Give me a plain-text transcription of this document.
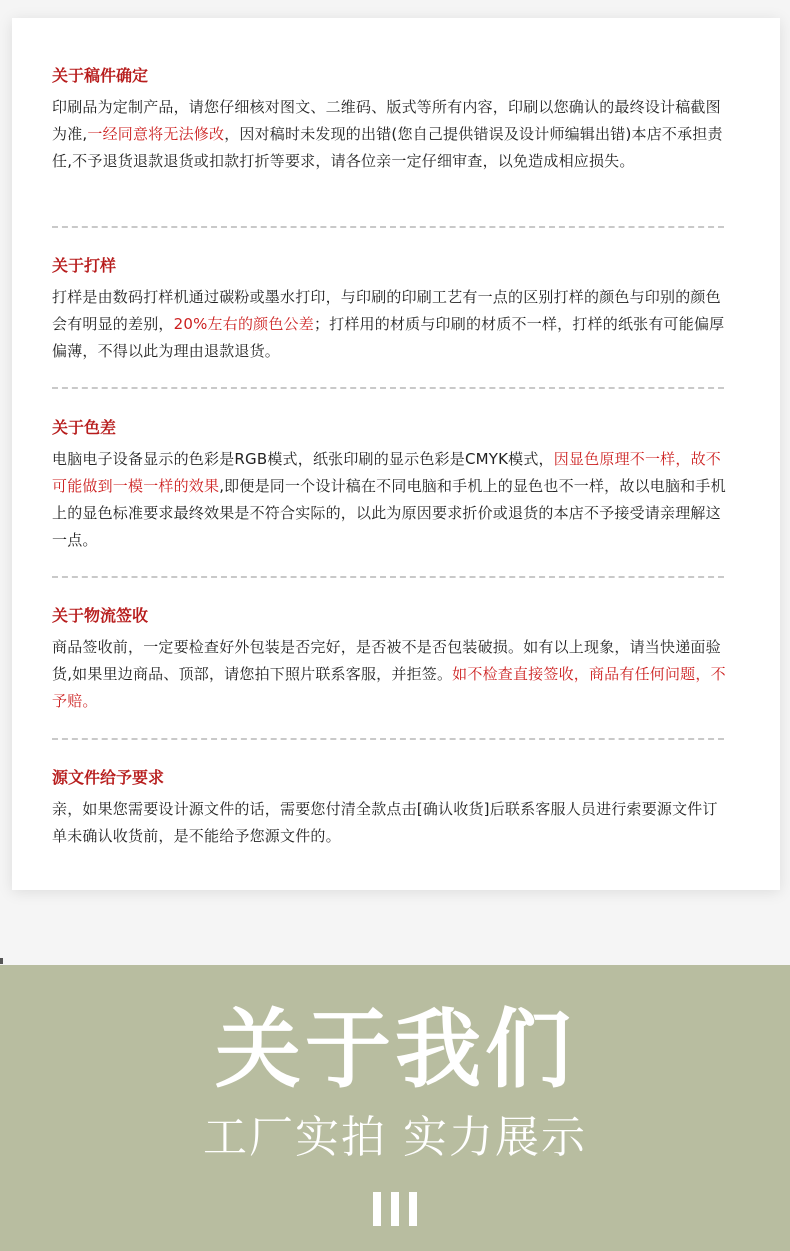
关于稿件确定

印刷品为定制产品，请您仔细核对图文、二维码、版式等所有内容，印刷以您确认的最终设计稿截图为准,一经同意将无法修改，因对稿时未发现的出错(您自己提供错误及设计师编辑出错)本店不承担责任,不予退货退款退货或扣款打折等要求，请各位亲一定仔细审查，以免造成相应损失。

关于打样

打样是由数码打样机通过碳粉或墨水打印，与印刷的印刷工艺有一点的区别打样的颜色与印别的颜色会有明显的差别，20%左右的颜色公差；打样用的材质与印刷的材质不一样，打样的纸张有可能偏厚偏薄，不得以此为理由退款退货。

关于色差

电脑电子设备显示的色彩是RGB模式，纸张印刷的显示色彩是CMYK模式，因显色原理不一样，故不可能做到一模一样的效果,即便是同一个设计稿在不同电脑和手机上的显色也不一样，故以电脑和手机上的显色标准要求最终效果是不符合实际的，以此为原因要求折价或退货的本店不予接受请亲理解这一点。

关于物流签收

商品签收前，一定要检查好外包装是否完好，是否被不是否包装破损。如有以上现象，请当快递面验货,如果里边商品、顶部，请您拍下照片联系客服，并拒签。如不检查直接签收，商品有任何问题，不予赔。

源文件给予要求

亲，如果您需要设计源文件的话，需要您付清全款点击[确认收货]后联系客服人员进行索要源文件订单未确认收货前，是不能给予您源文件的。

关于我们
工厂实拍 实力展示
